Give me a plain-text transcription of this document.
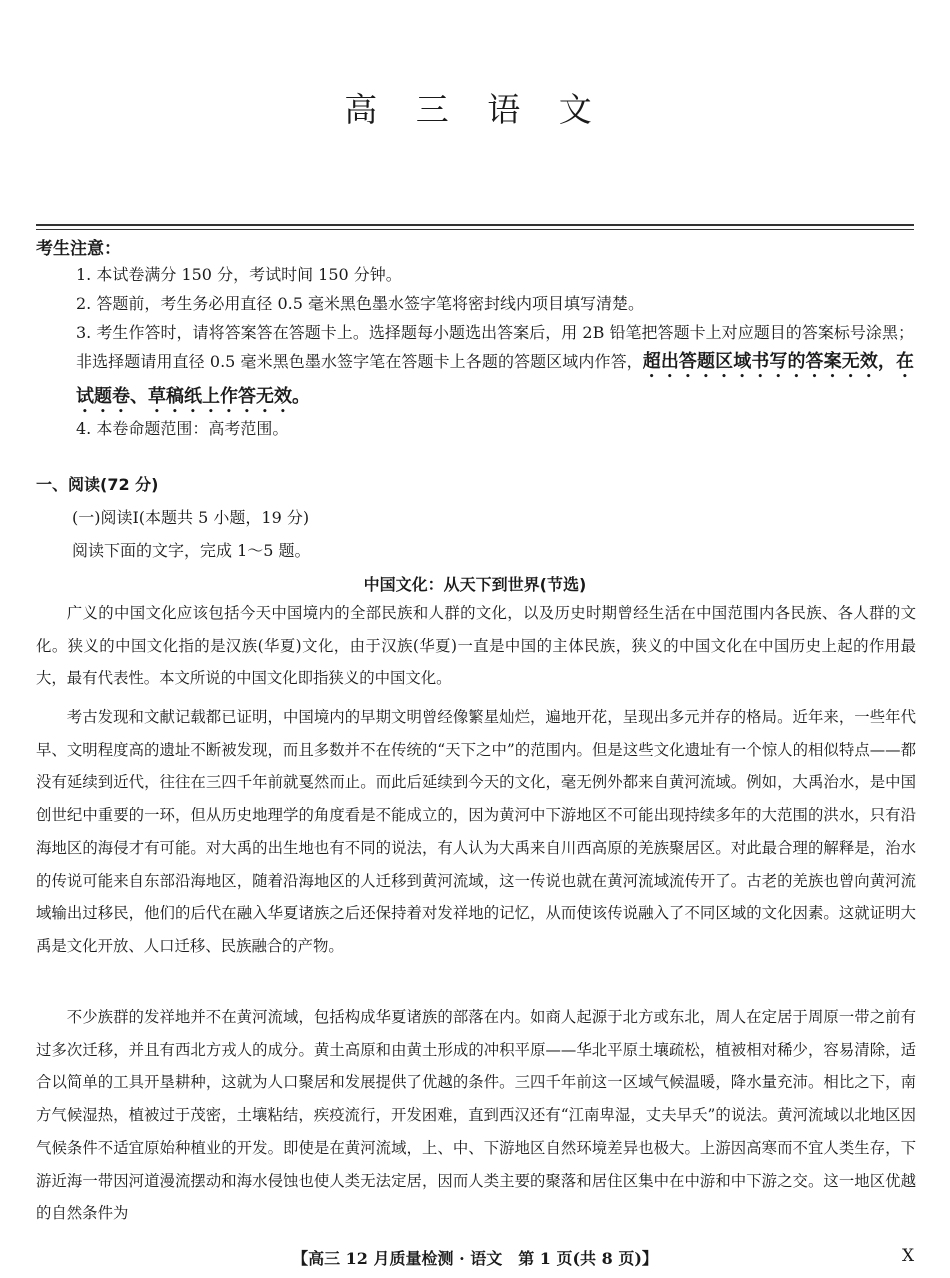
高 三 语 文
考生注意：
1. 本试卷满分 150 分，考试时间 150 分钟。
2. 答题前，考生务必用直径 0.5 毫米黑色墨水签字笔将密封线内项目填写清楚。
3. 考生作答时，请将答案答在答题卡上。选择题每小题选出答案后，用 2B 铅笔把答题卡上对应题目的答案标号涂黑；非选择题请用直径 0.5 毫米黑色墨水签字笔在答题卡上各题的答题区域内作答，超出答题区域书写的答案无效，在试题卷、草稿纸上作答无效。
4. 本卷命题范围：高考范围。
一、阅读(72 分)
(一)阅读Ⅰ(本题共 5 小题，19 分)
阅读下面的文字，完成 1～5 题。
中国文化：从天下到世界(节选)
广义的中国文化应该包括今天中国境内的全部民族和人群的文化，以及历史时期曾经生活在中国范围内各民族、各人群的文化。狭义的中国文化指的是汉族(华夏)文化，由于汉族(华夏)一直是中国的主体民族，狭义的中国文化在中国历史上起的作用最大，最有代表性。本文所说的中国文化即指狭义的中国文化。
考古发现和文献记载都已证明，中国境内的早期文明曾经像繁星灿烂，遍地开花，呈现出多元并存的格局。近年来，一些年代早、文明程度高的遗址不断被发现，而且多数并不在传统的“天下之中”的范围内。但是这些文化遗址有一个惊人的相似特点——都没有延续到近代，往往在三四千年前就戛然而止。而此后延续到今天的文化，毫无例外都来自黄河流域。例如，大禹治水，是中国创世纪中重要的一环，但从历史地理学的角度看是不能成立的，因为黄河中下游地区不可能出现持续多年的大范围的洪水，只有沿海地区的海侵才有可能。对大禹的出生地也有不同的说法，有人认为大禹来自川西高原的羌族聚居区。对此最合理的解释是，治水的传说可能来自东部沿海地区，随着沿海地区的人迁移到黄河流域，这一传说也就在黄河流域流传开了。古老的羌族也曾向黄河流域输出过移民，他们的后代在融入华夏诸族之后还保持着对发祥地的记忆，从而使该传说融入了不同区域的文化因素。这就证明大禹是文化开放、人口迁移、民族融合的产物。
不少族群的发祥地并不在黄河流域，包括构成华夏诸族的部落在内。如商人起源于北方或东北，周人在定居于周原一带之前有过多次迁移，并且有西北方戎人的成分。黄土高原和由黄土形成的冲积平原——华北平原土壤疏松，植被相对稀少，容易清除，适合以简单的工具开垦耕种，这就为人口聚居和发展提供了优越的条件。三四千年前这一区域气候温暖，降水量充沛。相比之下，南方气候湿热，植被过于茂密，土壤粘结，疾疫流行，开发困难，直到西汉还有“江南卑湿，丈夫早夭”的说法。黄河流域以北地区因气候条件不适宜原始种植业的开发。即使是在黄河流域，上、中、下游地区自然环境差异也极大。上游因高寒而不宜人类生存，下游近海一带因河道漫流摆动和海水侵蚀也使人类无法定居，因而人类主要的聚落和居住区集中在中游和中下游之交。这一地区优越的自然条件为
【高三 12 月质量检测 · 语文　第 1 页(共 8 页)】	X
